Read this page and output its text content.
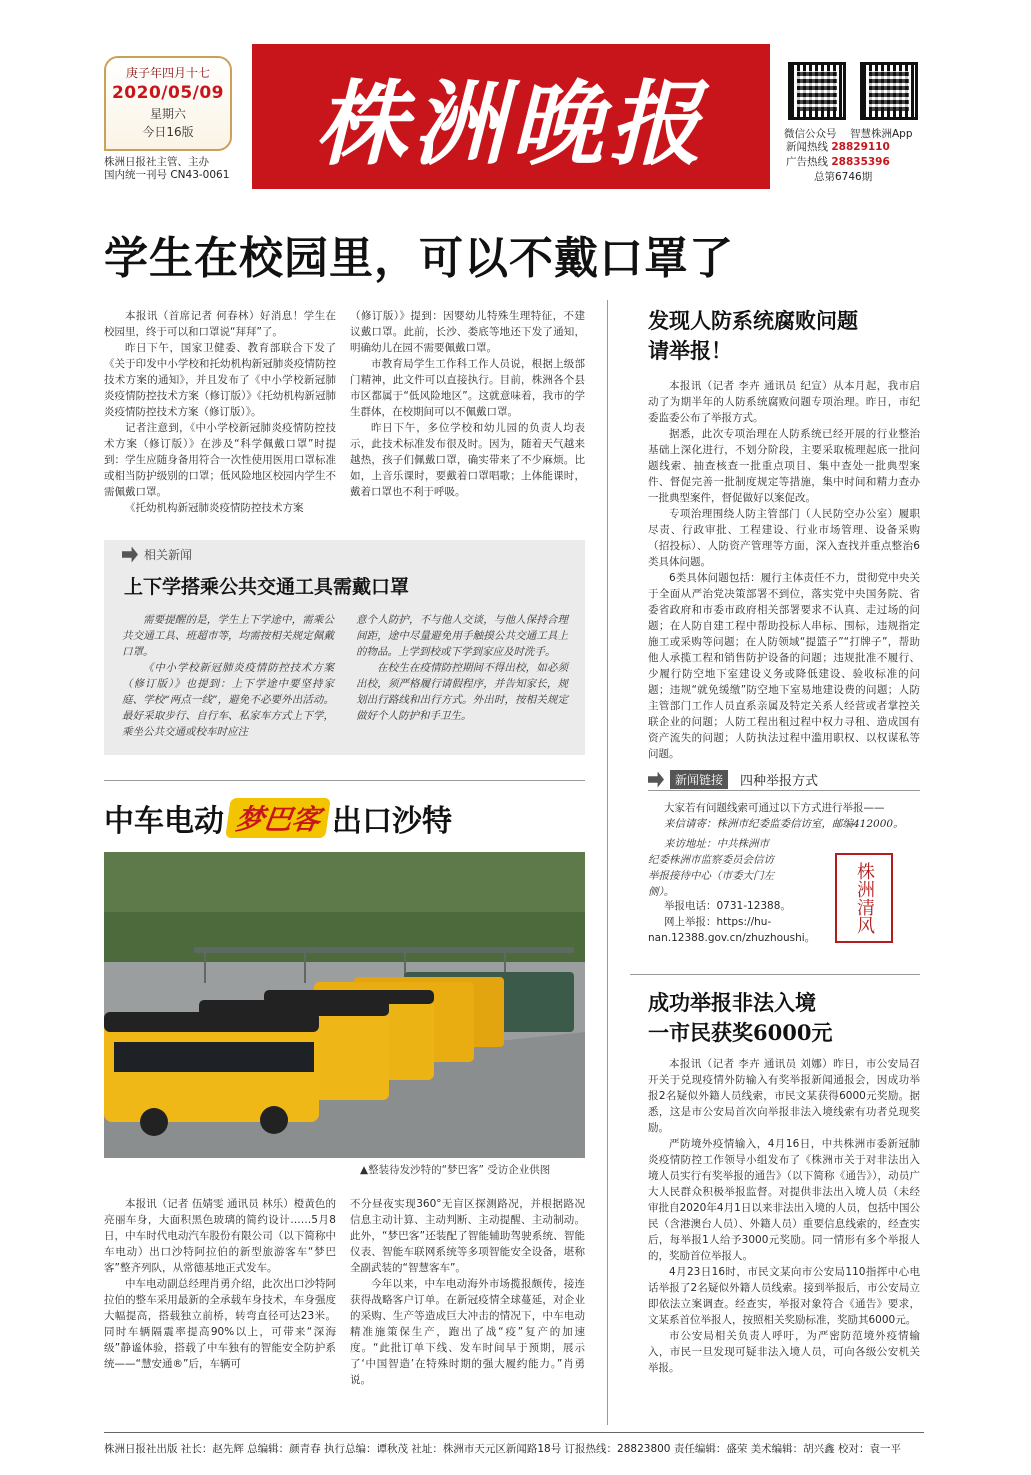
庚子年四月十七
2020/05/09
星期六
今日16版
株洲日报社主管、主办
国内统一刊号 CN43-0061 株洲晚报	微信公众号 智慧株洲App
新闻热线 28829110
广告热线 28835396
总第6746期
学生在校园里，可以不戴口罩了

本报讯（首席记者 何春林）好消息！学生在校园里，终于可以和口罩说“拜拜”了。

昨日下午，国家卫健委、教育部联合下发了《关于印发中小学校和托幼机构新冠肺炎疫情防控技术方案的通知》，并且发布了《中小学校新冠肺炎疫情防控技术方案（修订版）》《托幼机构新冠肺炎疫情防控技术方案（修订版）》。

记者注意到，《中小学校新冠肺炎疫情防控技术方案（修订版）》在涉及“科学佩戴口罩”时提到：学生应随身备用符合一次性使用医用口罩标准或相当防护级别的口罩；低风险地区校园内学生不需佩戴口罩。

《托幼机构新冠肺炎疫情防控技术方案

（修订版）》提到：因婴幼儿特殊生理特征，不建议戴口罩。此前，长沙、娄底等地还下发了通知，明确幼儿在园不需要佩戴口罩。

市教育局学生工作科工作人员说，根据上级部门精神，此文件可以直接执行。目前，株洲各个县市区都属于“低风险地区”。这就意味着，我市的学生群体，在校期间可以不佩戴口罩。

昨日下午，多位学校和幼儿园的负责人均表示，此技术标准发布很及时。因为，随着天气越来越热，孩子们佩戴口罩，确实带来了不少麻烦。比如，上音乐课时，要戴着口罩唱歌；上体能课时，戴着口罩也不利于呼吸。

相关新闻
上下学搭乘公共交通工具需戴口罩

需要提醒的是，学生上下学途中，需乘公共交通工具、班超市等，均需按相关规定佩戴口罩。

《中小学校新冠肺炎疫情防控技术方案（修订版）》也提到：上下学途中要坚持家庭、学校“两点一线”，避免不必要外出活动。最好采取步行、自行车、私家车方式上下学，乘坐公共交通或校车时应注

意个人防护，不与他人交谈，与他人保持合理间距，途中尽量避免用手触摸公共交通工具上的物品。上学到校或下学到家应及时洗手。

在校生在疫情防控期间不得出校，如必须出校，须严格履行请假程序，并告知家长，规划出行路线和出行方式。外出时，按相关规定做好个人防护和手卫生。

发现人防系统腐败问题
请举报！

本报讯（记者 李卉 通讯员 纪宣）从本月起，我市启动了为期半年的人防系统腐败问题专项治理。昨日，市纪委监委公布了举报方式。

据悉，此次专项治理在人防系统已经开展的行业整治基础上深化进行，不划分阶段，主要采取梳理起底一批问题线索、抽查核查一批重点项目、集中查处一批典型案件、督促完善一批制度规定等措施，集中时间和精力查办一批典型案件，督促做好以案促改。

专项治理围绕人防主管部门（人民防空办公室）履职尽责、行政审批、工程建设、行业市场管理、设备采购（招投标）、人防资产管理等方面，深入查找并重点整治6类具体问题。

6类具体问题包括：履行主体责任不力，贯彻党中央关于全面从严治党决策部署不到位，落实党中央国务院、省委省政府和市委市政府相关部署要求不认真、走过场的问题；在人防自建工程中帮助投标人串标、围标，违规指定施工或采购等问题；在人防领域“提篮子”“打牌子”，帮助他人承揽工程和销售防护设备的问题；违规批准不履行、少履行防空地下室建设义务或降低建设、验收标准的问题；违规“就免缓缴”防空地下室易地建设费的问题；人防主管部门工作人员直系亲属及特定关系人经营或者掌控关联企业的问题；人防工程出租过程中权力寻租、造成国有资产流失的问题；人防执法过程中滥用职权、以权谋私等问题。

新闻链接	四种举报方式
大家若有问题线索可通过以下方式进行举报——
来信请寄：株洲市纪委监委信访室，邮编412000。
来访地址：中共株洲市
纪委株洲市监察委员会信访
举报接待中心（市委大门左
侧）。
举报电话：0731-12388。
网上举报：https://hu-
nan.12388.gov.cn/zhuzhoushi。
株洲清风
中车电动 梦巴客 出口沙特
▲整装待发沙特的“梦巴客” 受访企业供图

本报讯（记者 伍婧雯 通讯员 林乐）橙黄色的亮丽车身，大面积黑色玻璃的简约设计……5月8日，中车时代电动汽车股份有限公司（以下简称中车电动）出口沙特阿拉伯的新型旅游客车“梦巴客”整齐列队，从常德基地正式发车。

中车电动副总经理肖勇介绍，此次出口沙特阿拉伯的整车采用最新的全承载车身技术，车身强度大幅提高，搭载独立前桥，转弯直径可达23米。同时车辆隔震率提高90%以上，可带来“深海级”静谧体验，搭载了中车独有的智能安全防护系统——“慧安通®”后，车辆可

不分昼夜实现360°无盲区探测路况，并根据路况信息主动计算、主动判断、主动提醒、主动制动。此外，“梦巴客”还装配了智能辅助驾驶系统、智能仪表、智能车联网系统等多项智能安全设备，堪称全副武装的“智慧客车”。

今年以来，中车电动海外市场揽报颇传，接连获得战略客户订单。在新冠疫情全球蔓延，对企业的采购、生产等造成巨大冲击的情况下，中车电动精准施策保生产，跑出了战“疫”复产的加速度。“此批订单下线、发车时间早于预期，展示了‘中国智造’在特殊时期的强大履约能力。”肖勇说。

成功举报非法入境
一市民获奖6000元

本报讯（记者 李卉 通讯员 刘娜）昨日，市公安局召开关于兑现疫情外防输入有奖举报新闻通报会，因成功举报2名疑似外籍人员线索，市民文某获得6000元奖励。据悉，这是市公安局首次向举报非法入境线索有功者兑现奖励。

严防境外疫情输入，4月16日，中共株洲市委新冠肺炎疫情防控工作领导小组发布了《株洲市关于对非法出入境人员实行有奖举报的通告》（以下简称《通告》），动员广大人民群众积极举报监督。对提供非法出入境人员（未经审批自2020年4月1日以来非法出入境的人员，包括中国公民（含港澳台人员）、外籍人员）重要信息线索的，经查实后，每举报1人给予3000元奖励。同一情形有多个举报人的，奖励首位举报人。

4月23日16时，市民文某向市公安局110指挥中心电话举报了2名疑似外籍人员线索。接到举报后，市公安局立即依法立案调查。经查实，举报对象符合《通告》要求，文某系首位举报人，按照相关奖励标准，奖励其6000元。

市公安局相关负责人呼吁，为严密防范境外疫情输入，市民一旦发现可疑非法入境人员，可向各级公安机关举报。

株洲日报社出版 社长：赵先辉 总编辑：颜青春 执行总编：谭秋茂 社址：株洲市天元区新闻路18号 订报热线：28823800 责任编辑：盛荣 美术编辑：胡兴鑫 校对：袁一平
